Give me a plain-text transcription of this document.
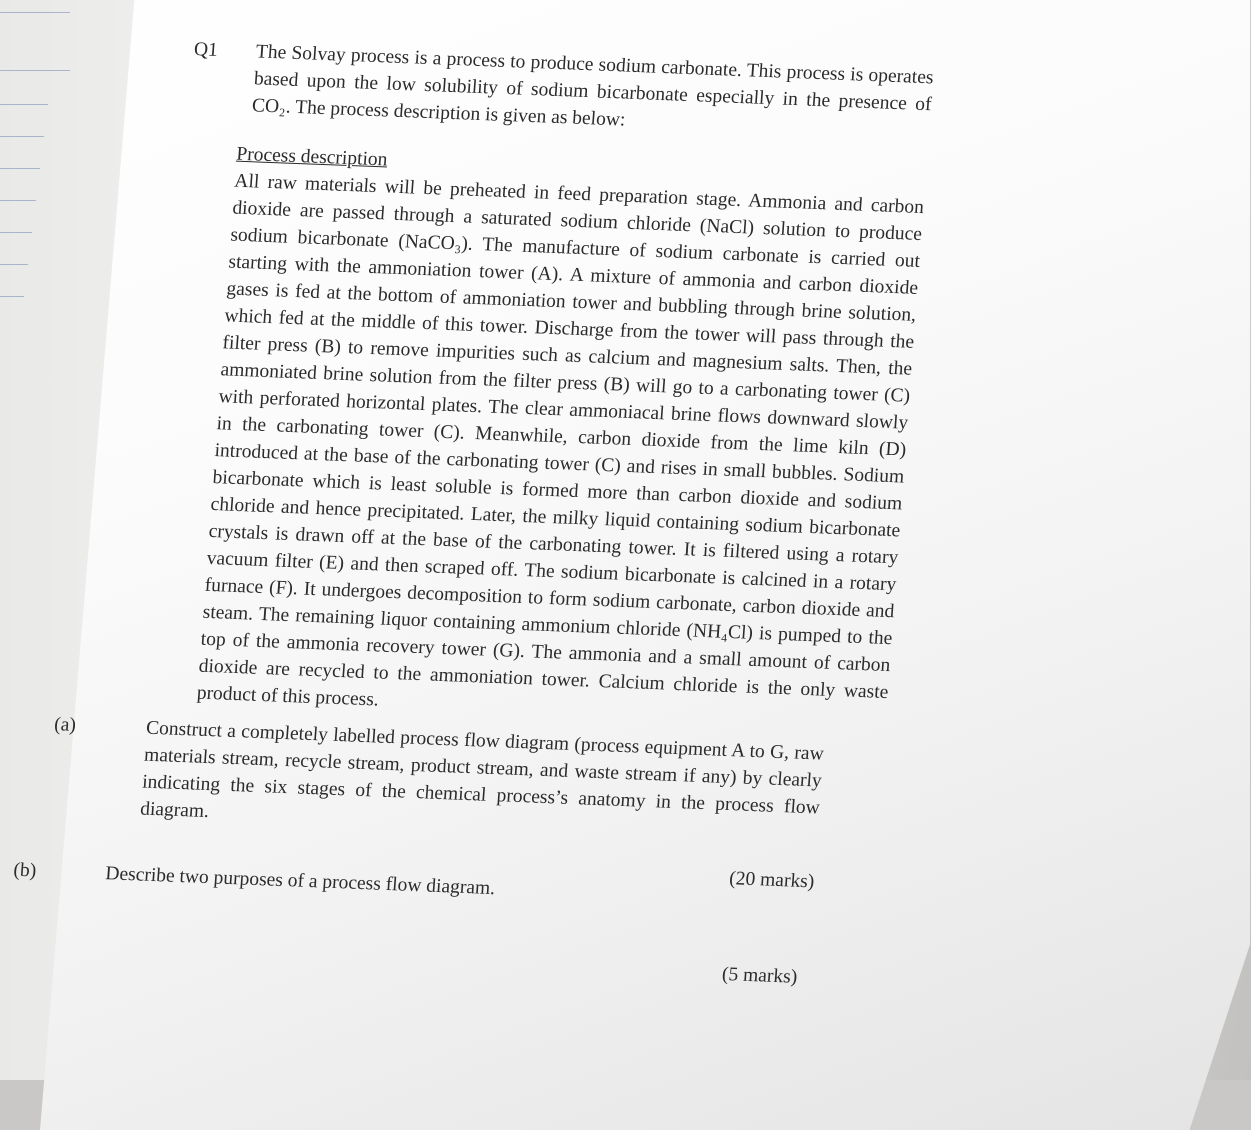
Q1	The Solvay process is a process to produce sodium carbonate. This process is operates based upon the low solubility of sodium bicarbonate especially in the presence of CO₂. The process description is given as below:
Process description

All raw materials will be preheated in feed preparation stage. Ammonia and carbon dioxide are passed through a saturated sodium chloride (NaCl) solution to produce sodium bicarbonate (NaCO₃). The manufacture of sodium carbonate is carried out starting with the ammoniation tower (A). A mixture of ammonia and carbon dioxide gases is fed at the bottom of ammoniation tower and bubbling through brine solution, which fed at the middle of this tower. Discharge from the tower will pass through the filter press (B) to remove impurities such as calcium and magnesium salts. Then, the ammoniated brine solution from the filter press (B) will go to a carbonating tower (C) with perforated horizontal plates. The clear ammoniacal brine flows downward slowly in the carbonating tower (C). Meanwhile, carbon dioxide from the lime kiln (D) introduced at the base of the carbonating tower (C) and rises in small bubbles. Sodium bicarbonate which is least soluble is formed more than carbon dioxide and sodium chloride and hence precipitated. Later, the milky liquid containing sodium bicarbonate crystals is drawn off at the base of the carbonating tower. It is filtered using a rotary vacuum filter (E) and then scraped off. The sodium bicarbonate is calcined in a rotary furnace (F). It undergoes decomposition to form sodium carbonate, carbon dioxide and steam. The remaining liquor containing ammonium chloride (NH₄Cl) is pumped to the top of the ammonia recovery tower (G). The ammonia and a small amount of carbon dioxide are recycled to the ammoniation tower. Calcium chloride is the only waste product of this process.

(a)	Construct a completely labelled process flow diagram (process equipment A to G, raw materials stream, recycle stream, product stream, and waste stream if any) by clearly indicating the six stages of the chemical process’s anatomy in the process flow diagram.
(20 marks)
(b)	Describe two purposes of a process flow diagram.
(5 marks)
